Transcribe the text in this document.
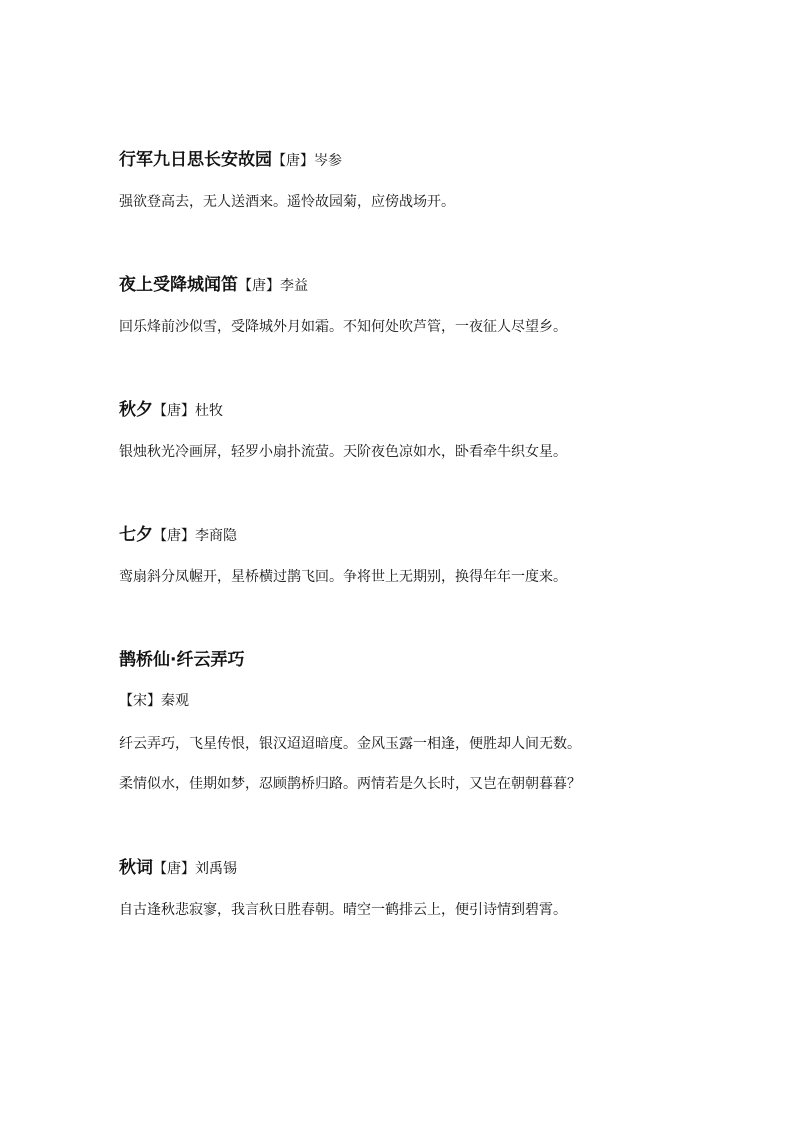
行军九日思长安故园【唐】岑参
强欲登高去，无人送酒来。遥怜故园菊，应傍战场开。
夜上受降城闻笛【唐】李益
回乐烽前沙似雪，受降城外月如霜。不知何处吹芦管，一夜征人尽望乡。
秋夕【唐】杜牧
银烛秋光冷画屏，轻罗小扇扑流萤。天阶夜色凉如水，卧看牵牛织女星。
七夕【唐】李商隐
鸾扇斜分凤幄开，星桥横过鹊飞回。争将世上无期别，换得年年一度来。
鹊桥仙·纤云弄巧
【宋】秦观
纤云弄巧，飞星传恨，银汉迢迢暗度。金风玉露一相逢，便胜却人间无数。
柔情似水，佳期如梦，忍顾鹊桥归路。两情若是久长时，又岂在朝朝暮暮？
秋词【唐】刘禹锡
自古逢秋悲寂寥，我言秋日胜春朝。晴空一鹤排云上，便引诗情到碧霄。
